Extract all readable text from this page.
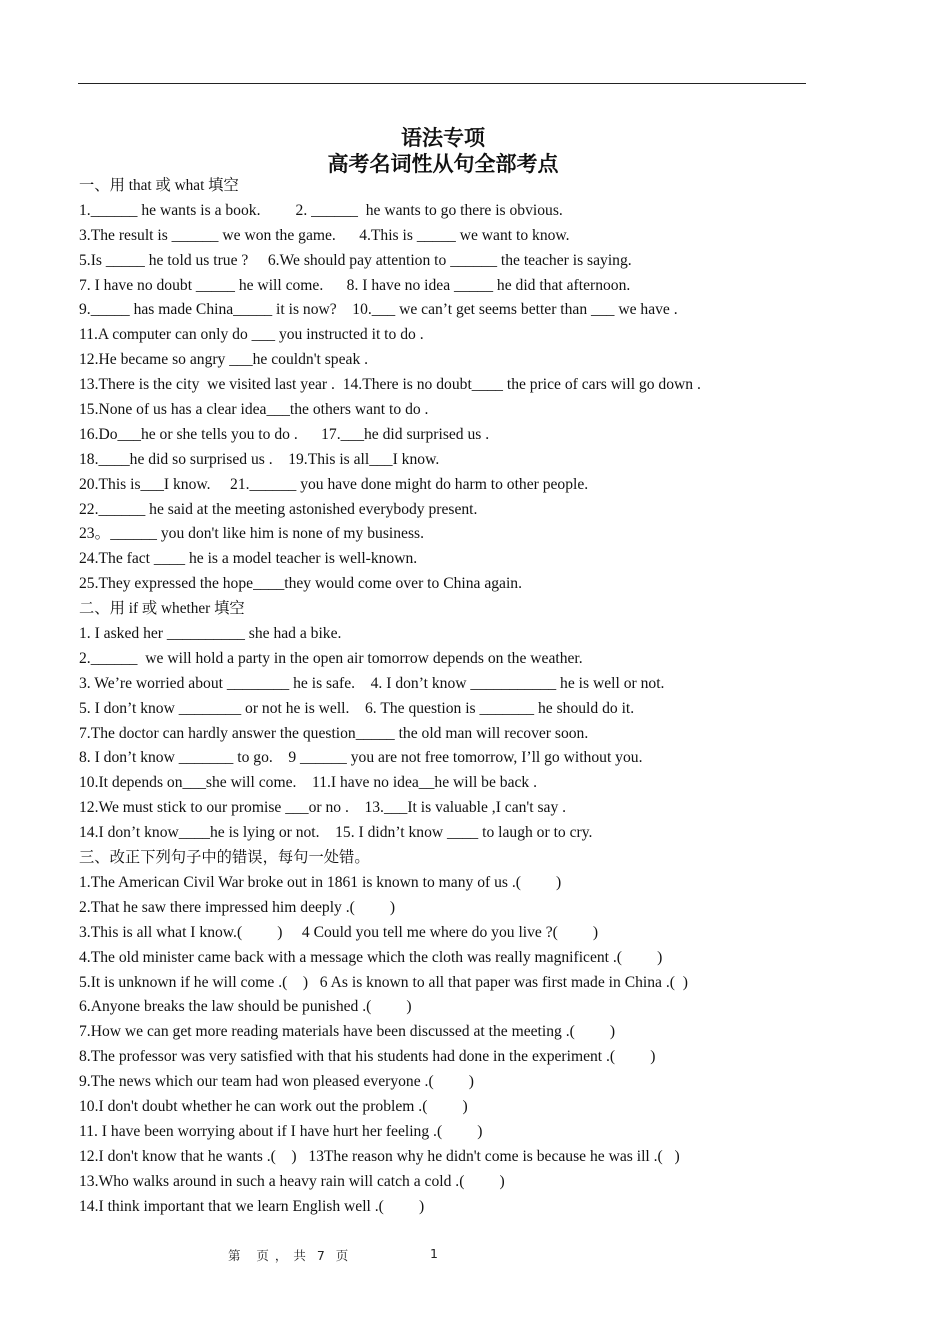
语法专项
高考名词性从句全部考点
一、用 that 或 what 填空
1.______ he wants is a book.         2. ______  he wants to go there is obvious.
3.The result is ______ we won the game.      4.This is _____ we want to know.
5.Is _____ he told us true ?     6.We should pay attention to ______ the teacher is saying.
7. I have no doubt _____ he will come.      8. I have no idea _____ he did that afternoon.
9._____ has made China_____ it is now?    10.___ we can’t get seems better than ___ we have .
11.A computer can only do ___ you instructed it to do .
12.He became so angry ___he couldn't speak .
13.There is the city  we visited last year .  14.There is no doubt____ the price of cars will go down .
15.None of us has a clear idea___the others want to do .
16.Do___he or she tells you to do .      17.___he did surprised us .
18.____he did so surprised us .    19.This is all___I know.
20.This is___I know.     21.______ you have done might do harm to other people.
22.______ he said at the meeting astonished everybody present.
23。______ you don't like him is none of my business.
24.The fact ____ he is a model teacher is well-known.
25.They expressed the hope____they would come over to China again.
二、用 if 或 whether 填空
1. I asked her __________ she had a bike.
2.______  we will hold a party in the open air tomorrow depends on the weather.
3. We’re worried about ________ he is safe.    4. I don’t know ___________ he is well or not.
5. I don’t know ________ or not he is well.    6. The question is _______ he should do it.
7.The doctor can hardly answer the question_____ the old man will recover soon.
8. I don’t know _______ to go.    9 ______ you are not free tomorrow, I’ll go without you.
10.It depends on___she will come.    11.I have no idea__he will be back .
12.We must stick to our promise ___or no .    13.___It is valuable ,I can't say .
14.I don’t know____he is lying or not.    15. I didn’t know ____ to laugh or to cry.
三、改正下列句子中的错误，每句一处错。
1.The American Civil War broke out in 1861 is known to many of us .(         )
2.That he saw there impressed him deeply .(         )
3.This is all what I know.(         )     4 Could you tell me where do you live ?(         )
4.The old minister came back with a message which the cloth was really magnificent .(         )
5.It is unknown if he will come .(    )   6 As is known to all that paper was first made in China .(  )
6.Anyone breaks the law should be punished .(         )
7.How we can get more reading materials have been discussed at the meeting .(         )
8.The professor was very satisfied with that his students had done in the experiment .(         )
9.The news which our team had won pleased everyone .(         )
10.I don't doubt whether he can work out the problem .(         )
11. I have been worrying about if I have hurt her feeling .(         )
12.I don't know that he wants .(    )   13The reason why he didn't come is because he was ill .(   )
13.Who walks around in such a heavy rain will catch a cold .(         )
14.I think important that we learn English well .(         )
第   页 ， 共  7  页	1
